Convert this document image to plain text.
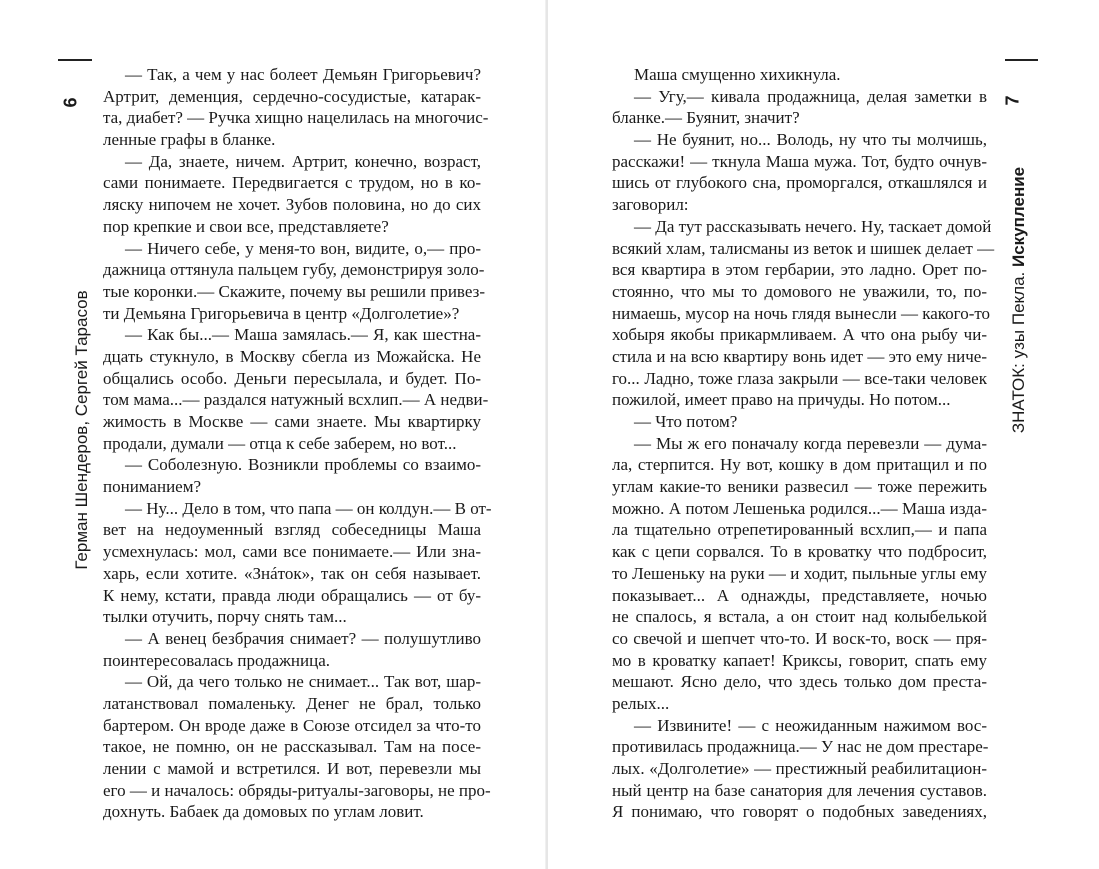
6	7
Герман Шендеров, Сергей Тарасов	ЗНАТОК: узы Пекла. Искупление
— Так, а чем у нас болеет Демьян Григорьевич?
Артрит, деменция, сердечно-сосудистые, катарак-
та, диабет? — Ручка хищно нацелилась на многочис-
ленные графы в бланке.
— Да, знаете, ничем. Артрит, конечно, возраст,
сами понимаете. Передвигается с трудом, но в ко-
ляску нипочем не хочет. Зубов половина, но до сих
пор крепкие и свои все, представляете?
— Ничего себе, у меня-то вон, видите, о,— про-
дажница оттянула пальцем губу, демонстрируя золо-
тые коронки.— Скажите, почему вы решили привез-
ти Демьяна Григорьевича в центр «Долголетие»?
— Как бы...— Маша замялась.— Я, как шестна-
дцать стукнуло, в Москву сбегла из Можайска. Не
общались особо. Деньги пересылала, и будет. По-
том мама...— раздался натужный всхлип.— А недви-
жимость в Москве — сами знаете. Мы квартирку
продали, думали — отца к себе заберем, но вот...
— Соболезную. Возникли проблемы со взаимо-
пониманием?
— Ну... Дело в том, что папа — он колдун.— В от-
вет на недоуменный взгляд собеседницы Маша
усмехнулась: мол, сами все понимаете.— Или зна-
харь, если хотите. «Знáток», так он себя называет.
К нему, кстати, правда люди обращались — от бу-
тылки отучить, порчу снять там...
— А венец безбрачия снимает? — полушутливо
поинтересовалась продажница.
— Ой, да чего только не снимает... Так вот, шар-
латанствовал помаленьку. Денег не брал, только
бартером. Он вроде даже в Союзе отсидел за что-то
такое, не помню, он не рассказывал. Там на посе-
лении с мамой и встретился. И вот, перевезли мы
его — и началось: обряды-ритуалы-заговоры, не про-
дохнуть. Бабаек да домовых по углам ловит.
Маша смущенно хихикнула.
— Угу,— кивала продажница, делая заметки в
бланке.— Буянит, значит?
— Не буянит, но... Володь, ну что ты молчишь,
расскажи! — ткнула Маша мужа. Тот, будто очнув-
шись от глубокого сна, проморгался, откашлялся и
заговорил:
— Да тут рассказывать нечего. Ну, таскает домой
всякий хлам, талисманы из веток и шишек делает —
вся квартира в этом гербарии, это ладно. Орет по-
стоянно, что мы то домового не уважили, то, по-
нимаешь, мусор на ночь глядя вынесли — какого-то
хобыря якобы прикармливаем. А что она рыбу чи-
стила и на всю квартиру вонь идет — это ему ниче-
го... Ладно, тоже глаза закрыли — все-таки человек
пожилой, имеет право на причуды. Но потом...
— Что потом?
— Мы ж его поначалу когда перевезли — дума-
ла, стерпится. Ну вот, кошку в дом притащил и по
углам какие-то веники развесил — тоже пережить
можно. А потом Лешенька родился...— Маша изда-
ла тщательно отрепетированный всхлип,— и папа
как с цепи сорвался. То в кроватку что подбросит,
то Лешеньку на руки — и ходит, пыльные углы ему
показывает... А однажды, представляете, ночью
не спалось, я встала, а он стоит над колыбелькой
со свечой и шепчет что-то. И воск-то, воск — пря-
мо в кроватку капает! Криксы, говорит, спать ему
мешают. Ясно дело, что здесь только дом преста-
релых...
— Извините! — с неожиданным нажимом вос-
противилась продажница.— У нас не дом престаре-
лых. «Долголетие» — престижный реабилитацион-
ный центр на базе санатория для лечения суставов.
Я понимаю, что говорят о подобных заведениях,
